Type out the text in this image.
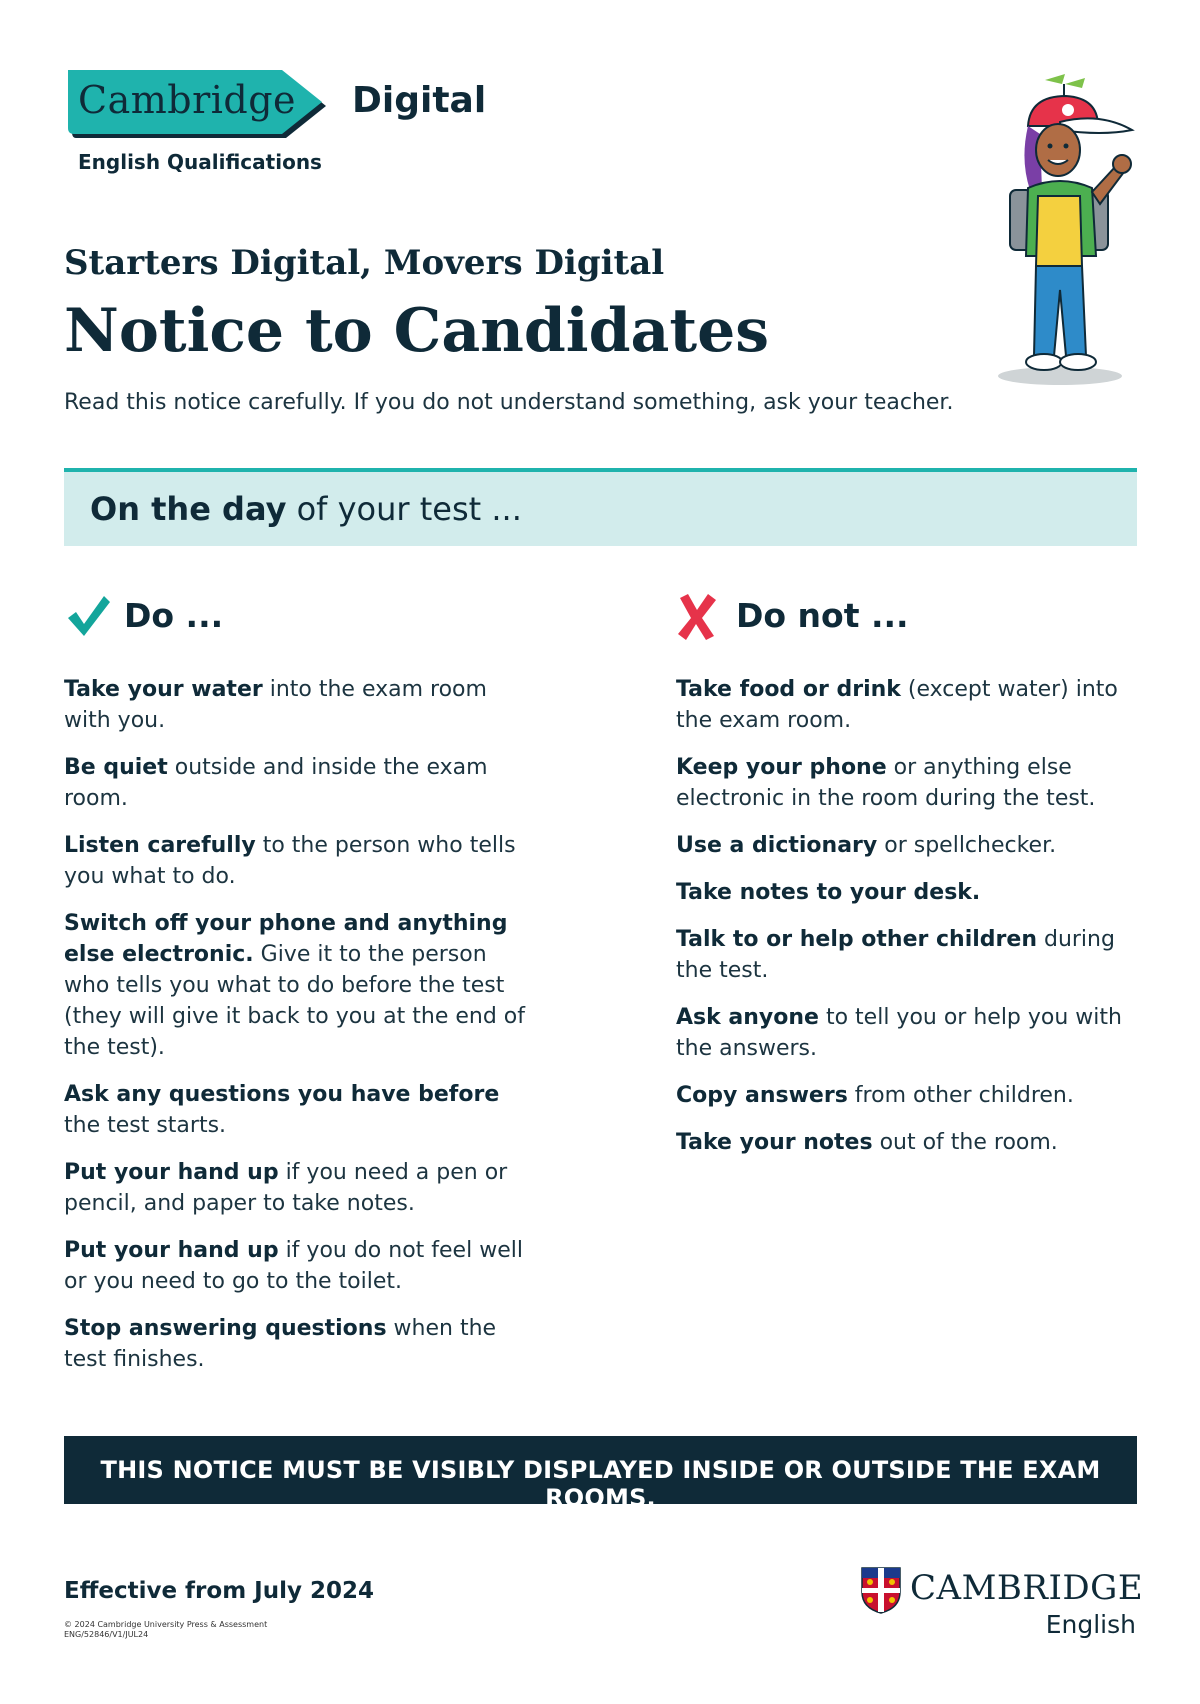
Cambridge Digital
English Qualifications
Starters Digital, Movers Digital
Notice to Candidates
Read this notice carefully. If you do not understand something, ask your teacher.
On the day of your test ...
Do ...

Take your water into the exam room with you.

Be quiet outside and inside the exam room.

Listen carefully to the person who tells you what to do.

Switch off your phone and anything else electronic. Give it to the person who tells you what to do before the test (they will give it back to you at the end of the test).

Ask any questions you have before the test starts.

Put your hand up if you need a pen or pencil, and paper to take notes.

Put your hand up if you do not feel well or you need to go to the toilet.

Stop answering questions when the test finishes.

Do not ...

Take food or drink (except water) into the exam room.

Keep your phone or anything else electronic in the room during the test.

Use a dictionary or spellchecker.

Take notes to your desk.

Talk to or help other children during the test.

Ask anyone to tell you or help you with the answers.

Copy answers from other children.

Take your notes out of the room.

THIS NOTICE MUST BE VISIBLY DISPLAYED INSIDE OR OUTSIDE THE EXAM ROOMS.
Effective from July 2024
© 2024 Cambridge University Press & Assessment
ENG/52846/V1/JUL24
CAMBRIDGE
English
